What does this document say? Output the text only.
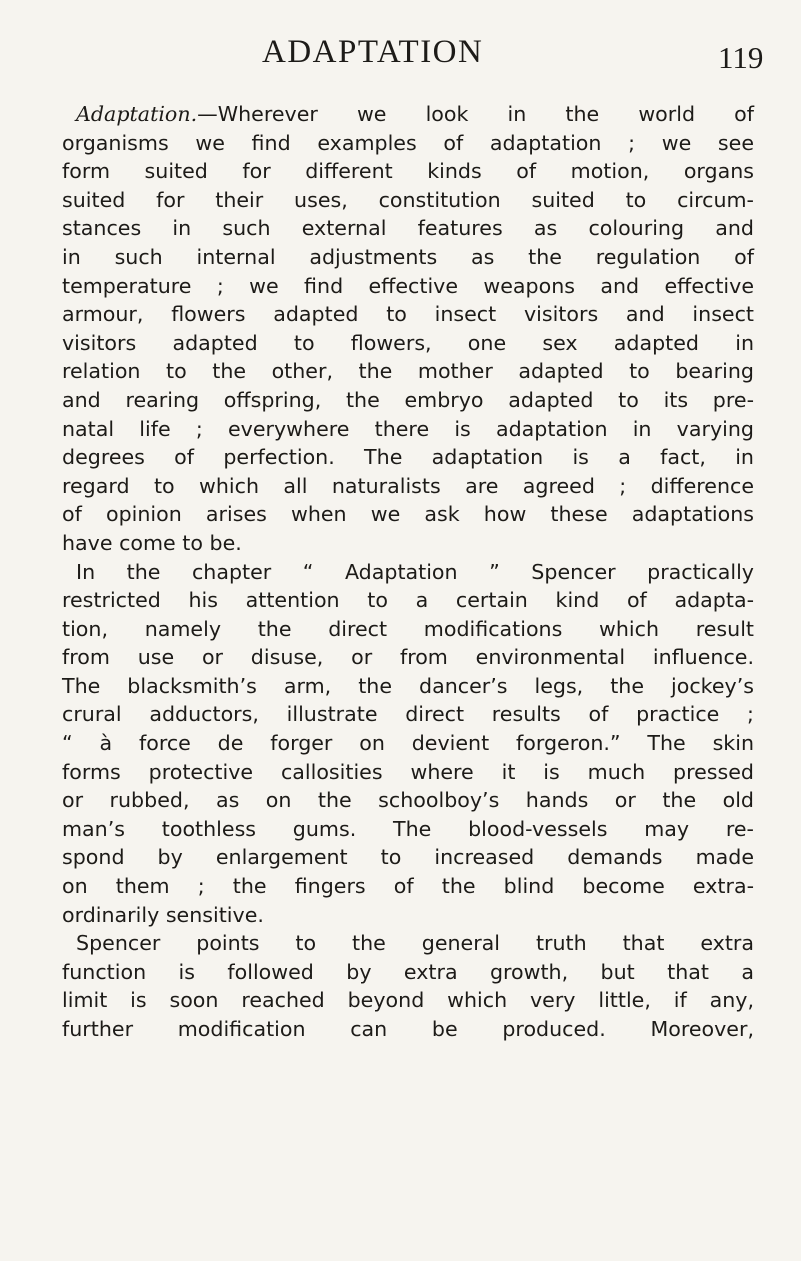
ADAPTATION	119
Adaptation.—Wherever we look in the world of
organisms we find examples of adaptation ; we see
form suited for different kinds of motion, organs
suited for their uses, constitution suited to circum-
stances in such external features as colouring and
in such internal adjustments as the regulation of
temperature ; we find effective weapons and effective
armour, flowers adapted to insect visitors and insect
visitors adapted to flowers, one sex adapted in
relation to the other, the mother adapted to bearing
and rearing offspring, the embryo adapted to its pre-
natal life ; everywhere there is adaptation in varying
degrees of perfection. The adaptation is a fact, in
regard to which all naturalists are agreed ; difference
of opinion arises when we ask how these adaptations
have come to be.
In the chapter “ Adaptation ” Spencer practically
restricted his attention to a certain kind of adapta-
tion, namely the direct modifications which result
from use or disuse, or from environmental influence.
The blacksmith’s arm, the dancer’s legs, the jockey’s
crural adductors, illustrate direct results of practice ;
“ à force de forger on devient forgeron.” The skin
forms protective callosities where it is much pressed
or rubbed, as on the schoolboy’s hands or the old
man’s toothless gums. The blood-vessels may re-
spond by enlargement to increased demands made
on them ; the fingers of the blind become extra-
ordinarily sensitive.
Spencer points to the general truth that extra
function is followed by extra growth, but that a
limit is soon reached beyond which very little, if any,
further modification can be produced. Moreover,
